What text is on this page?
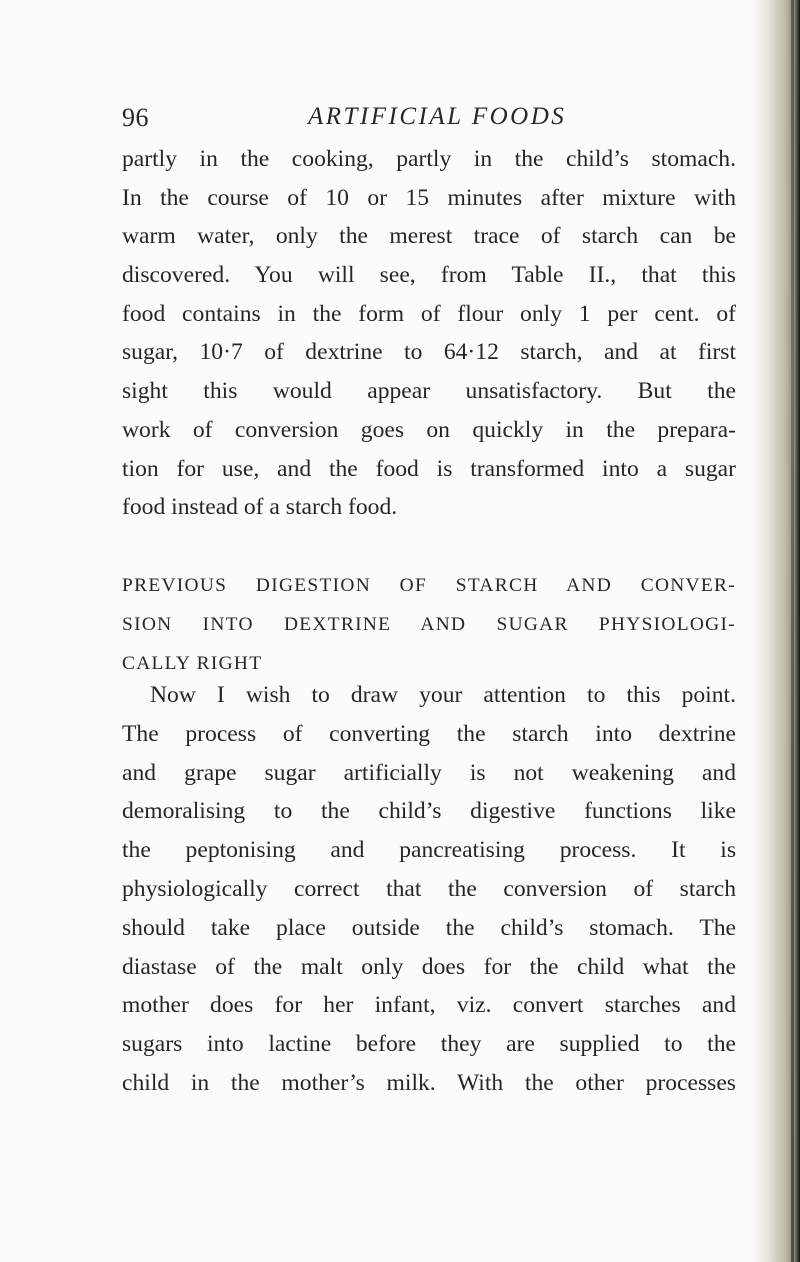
96	ARTIFICIAL FOODS
partly in the cooking, partly in the child’s stomach.
In the course of 10 or 15 minutes after mixture with
warm water, only the merest trace of starch can be
discovered. You will see, from Table II., that this
food contains in the form of flour only 1 per cent. of
sugar, 10·7 of dextrine to 64·12 starch, and at first
sight this would appear unsatisfactory. But the
work of conversion goes on quickly in the prepara-
tion for use, and the food is transformed into a sugar
food instead of a starch food.
PREVIOUS DIGESTION OF STARCH AND CONVER-
SION INTO DEXTRINE AND SUGAR PHYSIOLOGI-
CALLY RIGHT
Now I wish to draw your attention to this point.
The process of converting the starch into dextrine
and grape sugar artificially is not weakening and
demoralising to the child’s digestive functions like
the peptonising and pancreatising process. It is
physiologically correct that the conversion of starch
should take place outside the child’s stomach. The
diastase of the malt only does for the child what the
mother does for her infant, viz. convert starches and
sugars into lactine before they are supplied to the
child in the mother’s milk. With the other processes
